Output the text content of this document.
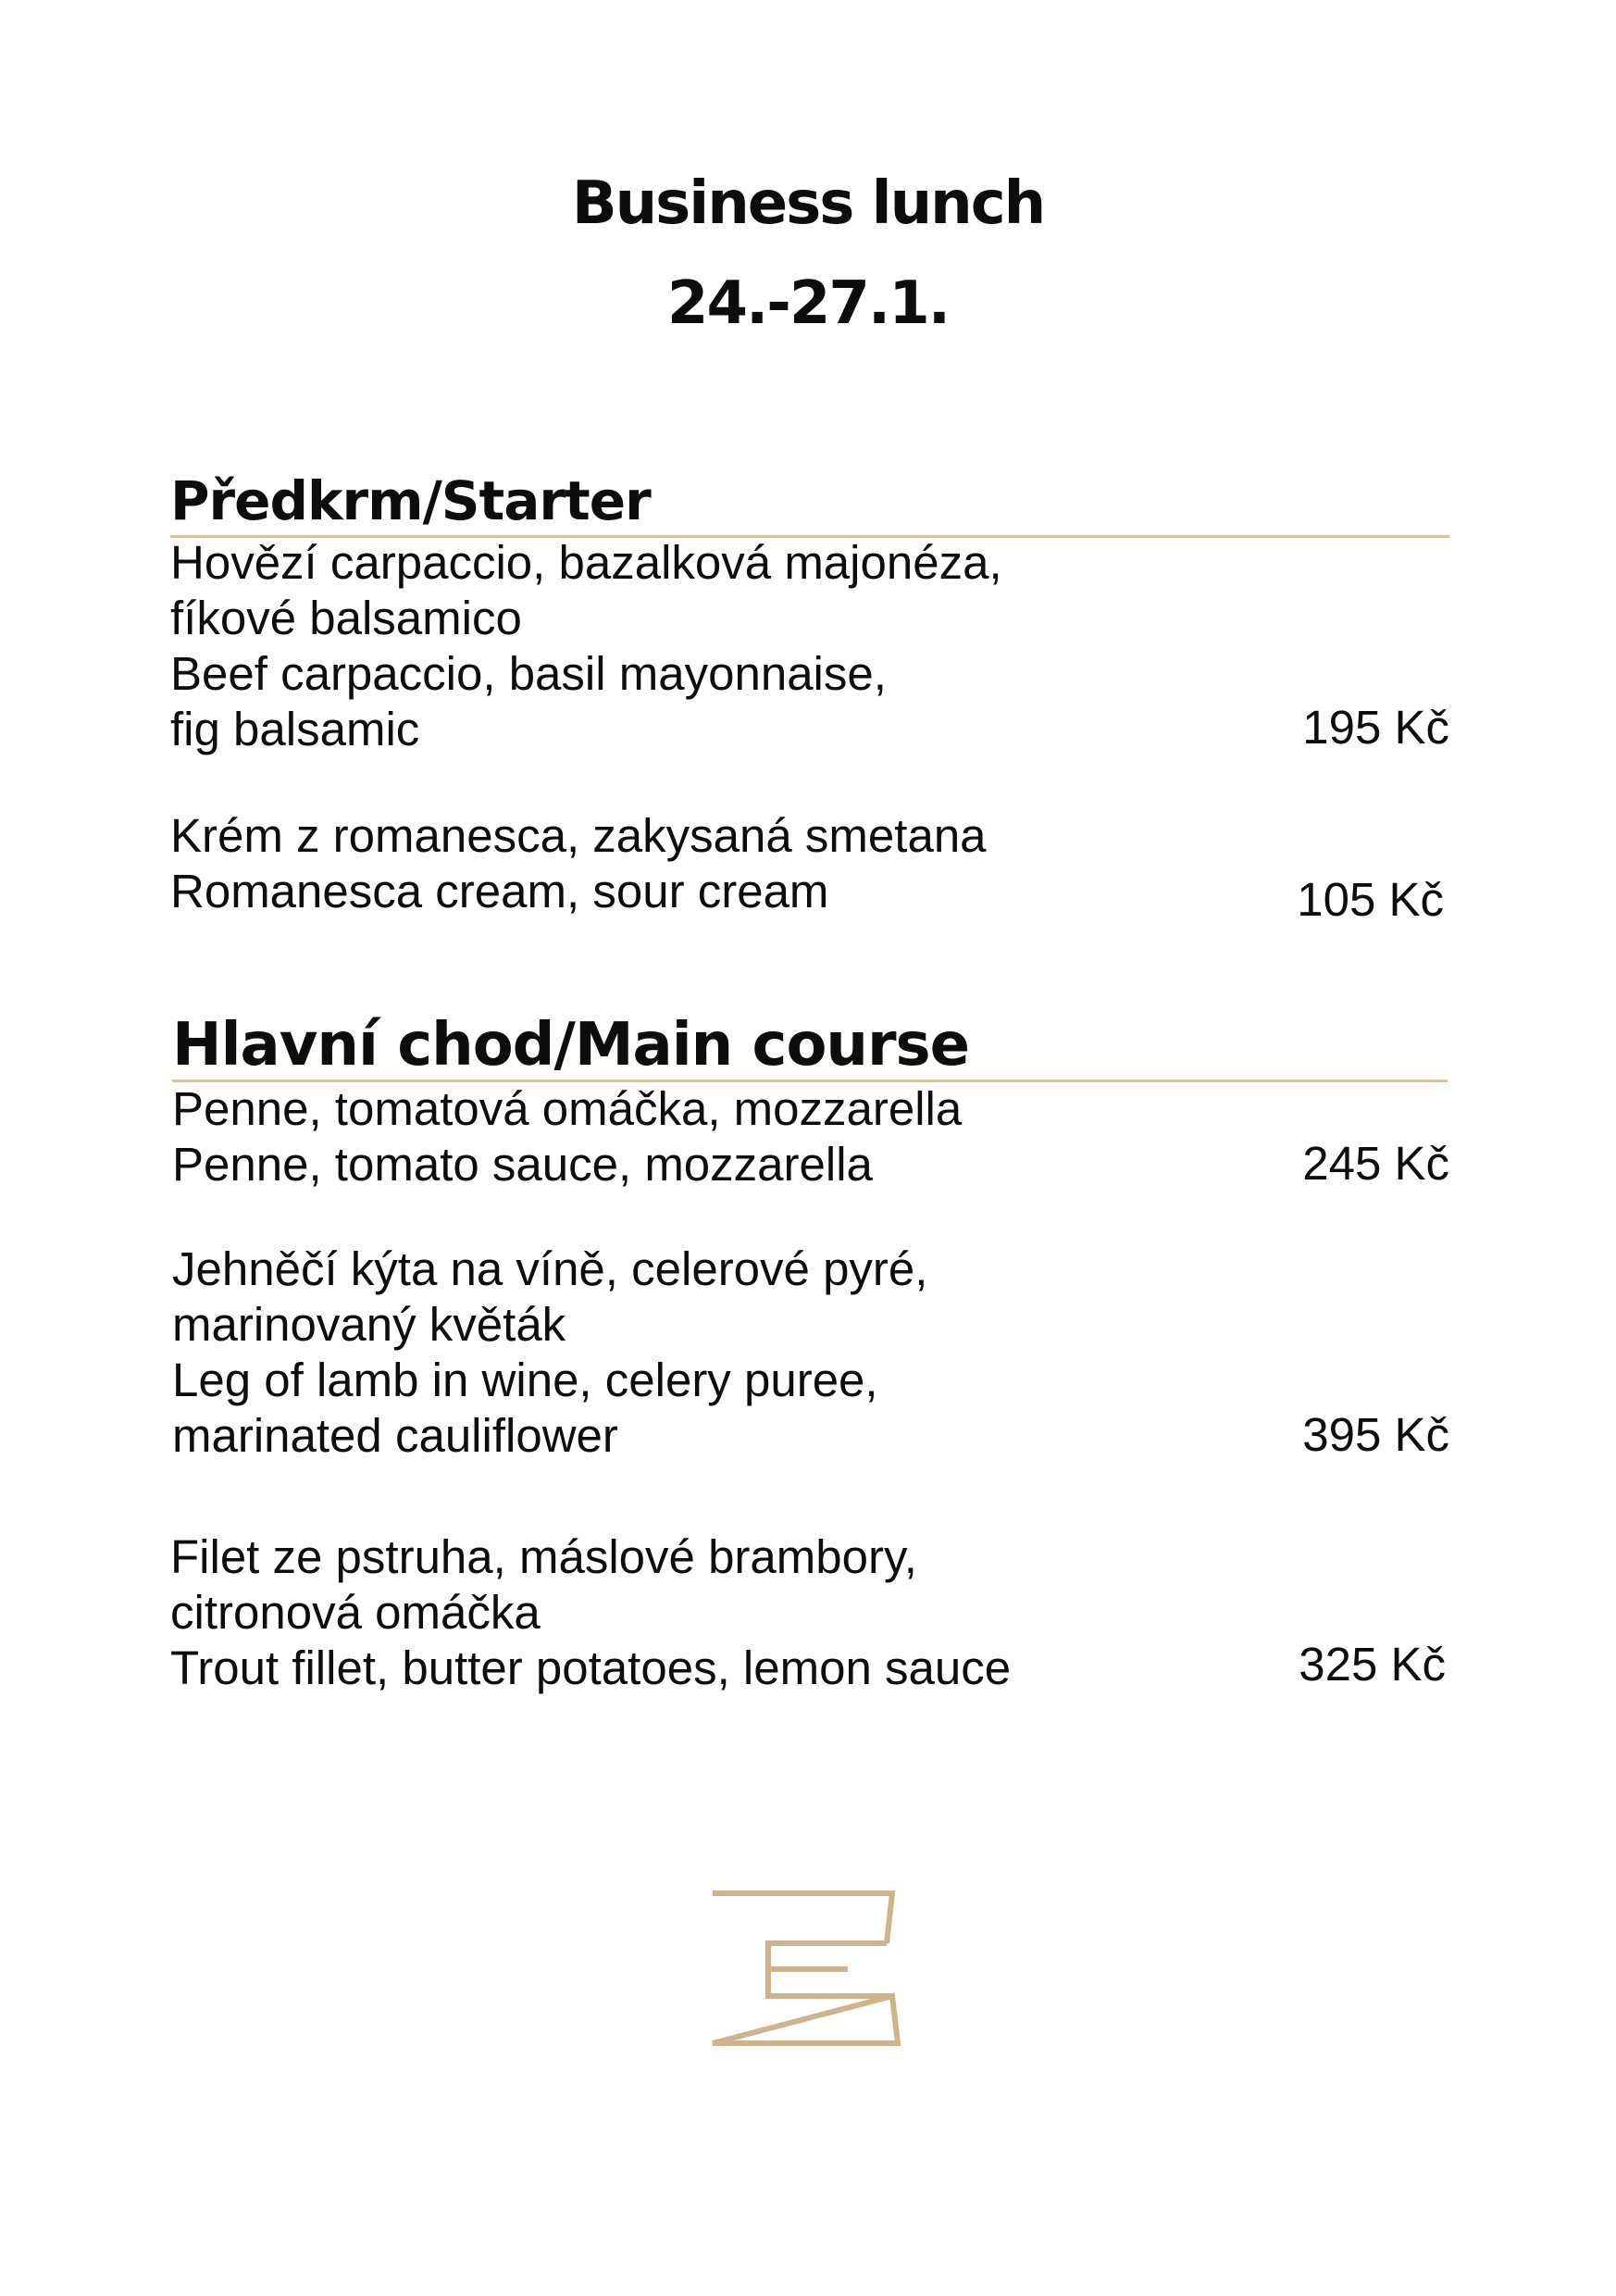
Business lunch
24.-27.1.
Předkrm/Starter
Hovězí carpaccio, bazalková majonéza,
fíkové balsamico
Beef carpaccio, basil mayonnaise,
fig balsamic	195 Kč
Krém z romanesca, zakysaná smetana
Romanesca cream, sour cream	105 Kč
Hlavní chod/Main course
Penne, tomatová omáčka, mozzarella
Penne, tomato sauce, mozzarella	245 Kč
Jehněčí kýta na víně, celerové pyré,
marinovaný květák
Leg of lamb in wine, celery puree,
marinated cauliflower	395 Kč
Filet ze pstruha, máslové brambory,
citronová omáčka
Trout fillet, butter potatoes, lemon sauce	325 Kč
